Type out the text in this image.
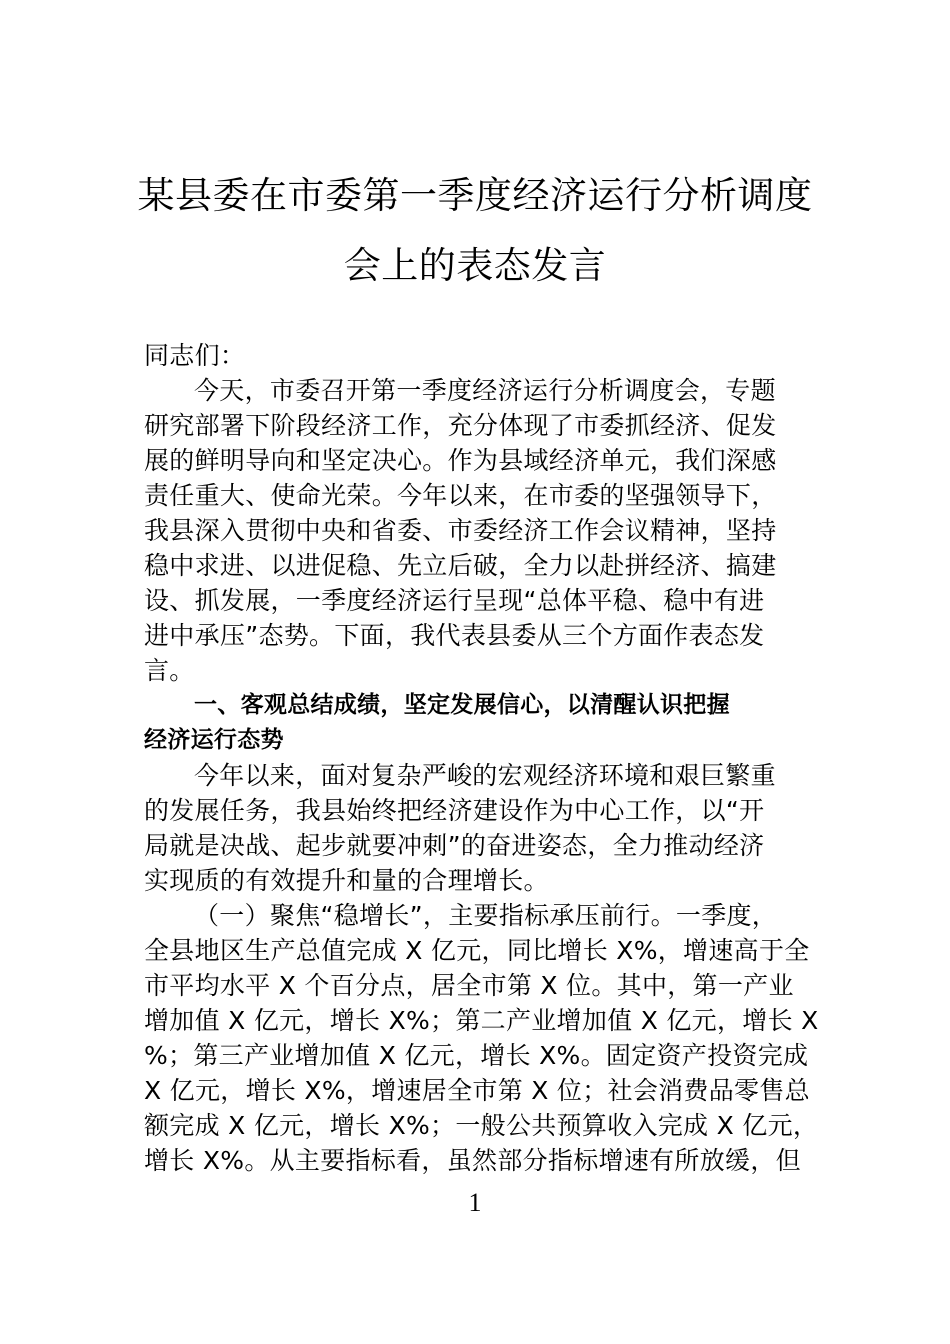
某县委在市委第一季度经济运行分析调度
会上的表态发言
同志们：
今天，市委召开第一季度经济运行分析调度会，专题
研究部署下阶段经济工作，充分体现了市委抓经济、促发
展的鲜明导向和坚定决心。作为县域经济单元，我们深感
责任重大、使命光荣。今年以来，在市委的坚强领导下，
我县深入贯彻中央和省委、市委经济工作会议精神，坚持
稳中求进、以进促稳、先立后破，全力以赴拼经济、搞建
设、抓发展，一季度经济运行呈现“总体平稳、稳中有进
进中承压”态势。下面，我代表县委从三个方面作表态发
言。
一、客观总结成绩，坚定发展信心，以清醒认识把握
经济运行态势
今年以来，面对复杂严峻的宏观经济环境和艰巨繁重
的发展任务，我县始终把经济建设作为中心工作，以“开
局就是决战、起步就要冲刺”的奋进姿态，全力推动经济
实现质的有效提升和量的合理增长。
（一）聚焦“稳增长”，主要指标承压前行。一季度，
全县地区生产总值完成 X 亿元，同比增长 X%，增速高于全
市平均水平 X 个百分点，居全市第 X 位。其中，第一产业
增加值 X 亿元，增长 X%；第二产业增加值 X 亿元，增长 X
%；第三产业增加值 X 亿元，增长 X%。固定资产投资完成
X 亿元，增长 X%，增速居全市第 X 位；社会消费品零售总
额完成 X 亿元，增长 X%；一般公共预算收入完成 X 亿元，
增长 X%。从主要指标看，虽然部分指标增速有所放缓，但
1
